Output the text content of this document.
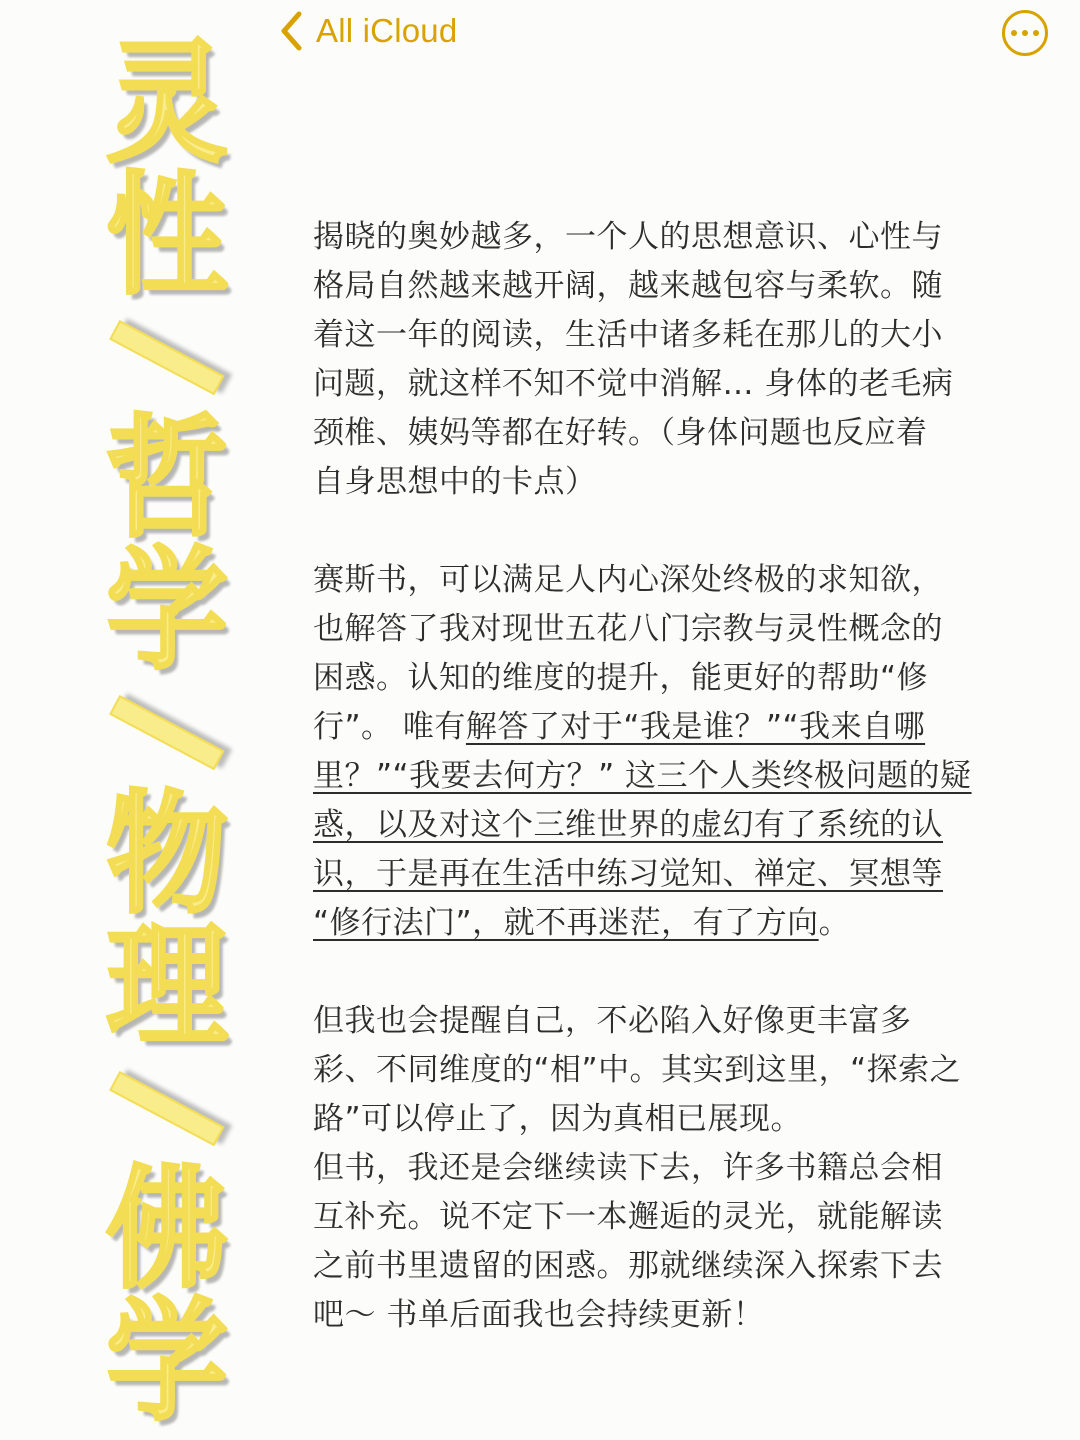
All iCloud
灵
性
哲
学
物
理
佛
学

揭晓的奥妙越多，一个人的思想意识、心性与
格局自然越来越开阔，越来越包容与柔软。随
着这一年的阅读，生活中诸多耗在那儿的大小
问题，就这样不知不觉中消解… 身体的老毛病
颈椎、姨妈等都在好转。（身体问题也反应着
自身思想中的卡点）

赛斯书，可以满足人内心深处终极的求知欲，
也解答了我对现世五花八门宗教与灵性概念的
困惑。认知的维度的提升，能更好的帮助“修
行”。 唯有解答了对于“我是谁？”“我来自哪
里？”“我要去何方？” 这三个人类终极问题的疑
惑，以及对这个三维世界的虚幻有了系统的认
识，于是再在生活中练习觉知、禅定、冥想等
“修行法门”，就不再迷茫，有了方向。

但我也会提醒自己，不必陷入好像更丰富多
彩、不同维度的“相”中。其实到这里，“探索之
路”可以停止了，因为真相已展现。

但书，我还是会继续读下去，许多书籍总会相
互补充。说不定下一本邂逅的灵光，就能解读
之前书里遗留的困惑。那就继续深入探索下去
吧～ 书单后面我也会持续更新！
